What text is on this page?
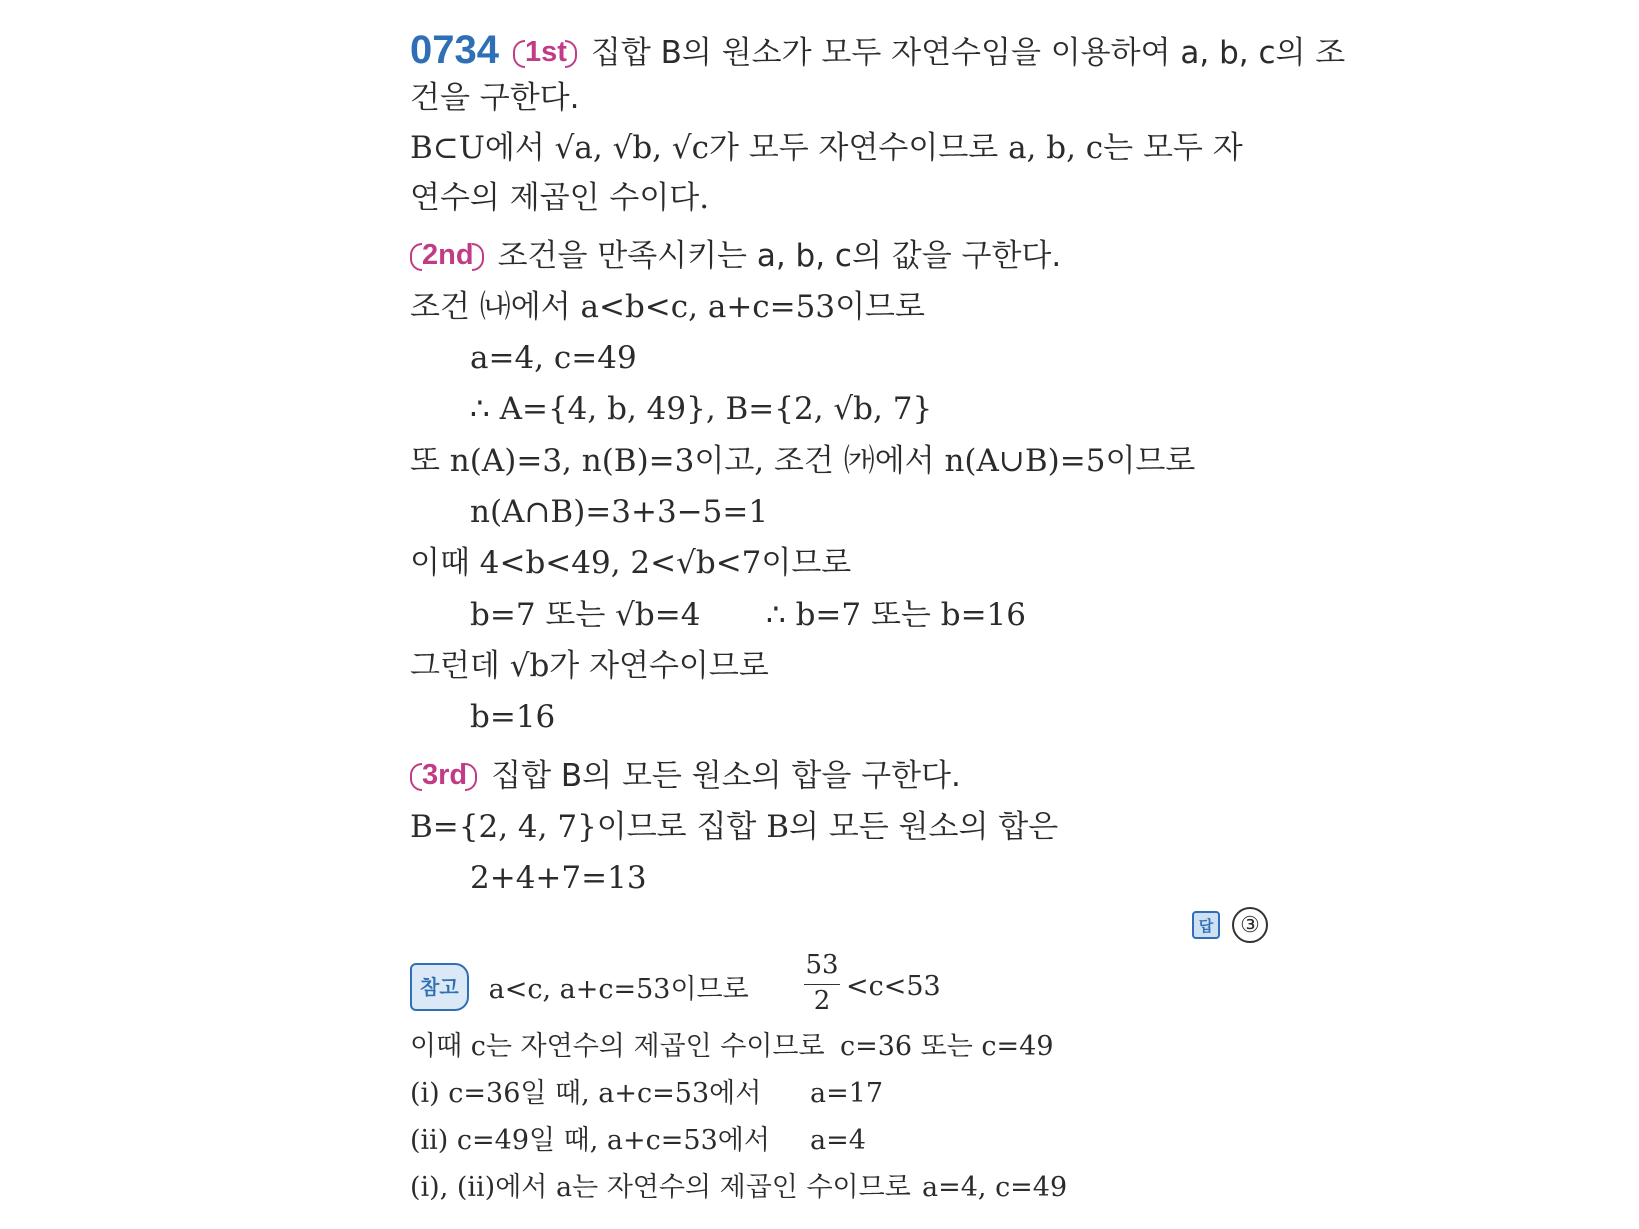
0734 1st 집합 B의 원소가 모두 자연수임을 이용하여 a, b, c의 조
건을 구한다.
B⊂U에서 √a, √b, √c가 모두 자연수이므로 a, b, c는 모두 자
연수의 제곱인 수이다.
2nd 조건을 만족시키는 a, b, c의 값을 구한다.
조건 ㈏에서 a<b<c, a+c=53이므로
a=4, c=49
∴ A={4, b, 49}, B={2, √b, 7}
또 n(A)=3, n(B)=3이고, 조건 ㈎에서 n(A∪B)=5이므로
n(A∩B)=3+3−5=1
이때 4<b<49, 2<√b<7이므로
b=7 또는 √b=4 ∴ b=7 또는 b=16
그런데 √b가 자연수이므로
b=16
3rd 집합 B의 모든 원소의 합을 구한다.
B={2, 4, 7}이므로 집합 B의 모든 원소의 합은
2+4+7=13
답	③
참고 a<c, a+c=53이므로
53
2 <c<53
이때 c는 자연수의 제곱인 수이므로 c=36 또는 c=49
(ⅰ) c=36일 때, a+c=53에서 a=17
(ⅱ) c=49일 때, a+c=53에서 a=4
(ⅰ), (ⅱ)에서 a는 자연수의 제곱인 수이므로 a=4, c=49
